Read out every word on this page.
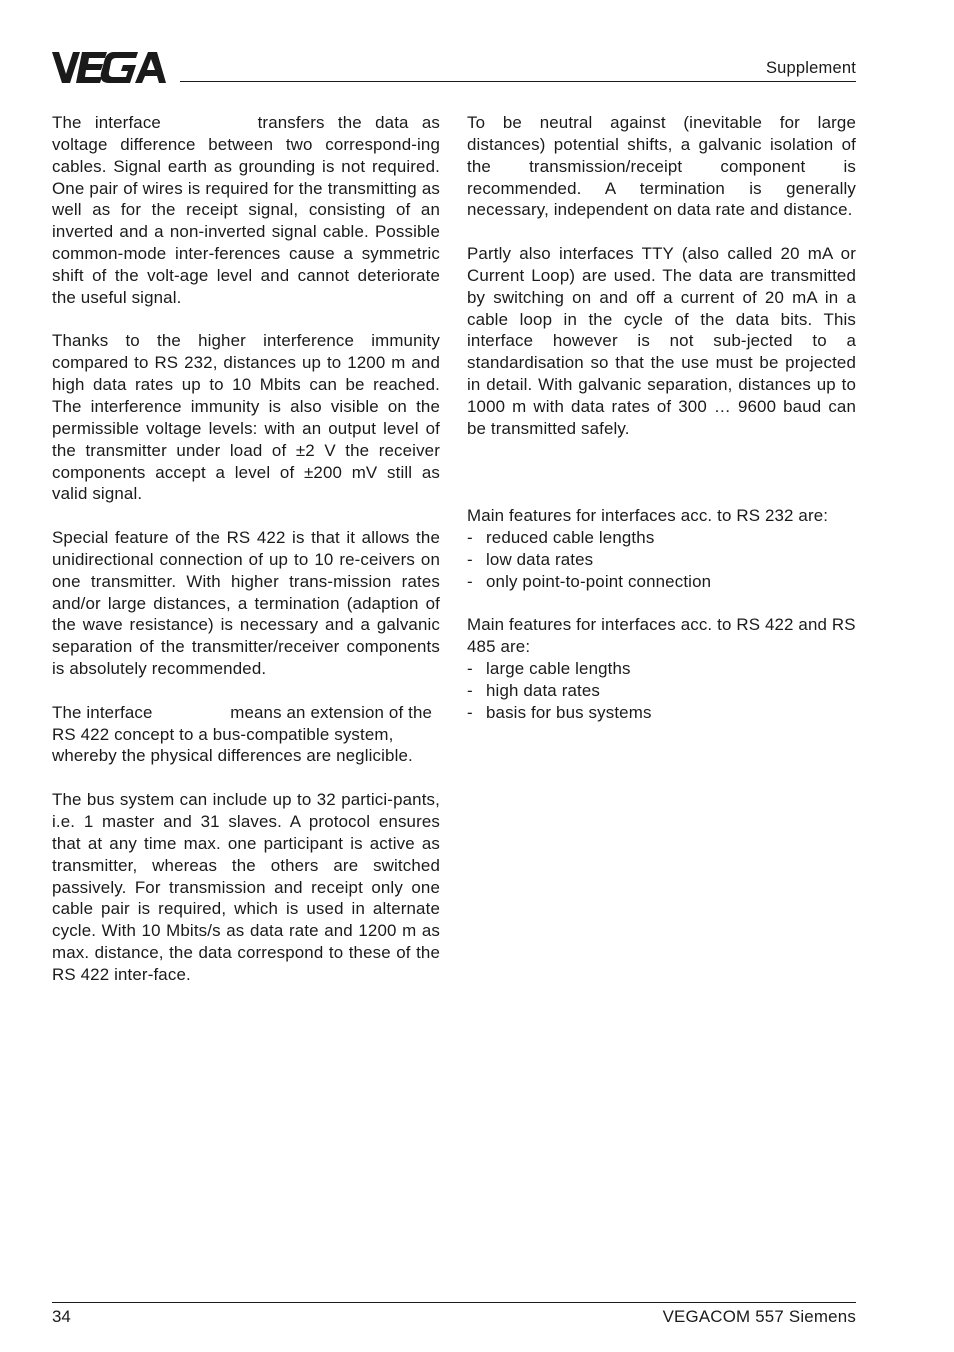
Supplement

The interface	transfers the data as voltage difference between two correspond-ing cables. Signal earth as grounding is not required. One pair of wires is required for the transmitting as well as for the receipt signal, consisting of an inverted and a non-inverted signal cable. Possible common-mode inter-ferences cause a symmetric shift of the volt-age level and cannot deteriorate the useful signal.

Thanks to the higher interference immunity compared to RS 232, distances up to 1200 m and high data rates up to 10 Mbits can be reached. The interference immunity is also visible on the permissible voltage levels: with an output level of the transmitter under load of ±2 V the receiver components accept a level of ±200 mV still as valid signal.

Special feature of the RS 422 is that it allows the unidirectional connection of up to 10 re-ceivers on one transmitter. With higher trans-mission rates and/or large distances, a termination (adaption of the wave resistance) is necessary and a galvanic separation of the transmitter/receiver components is absolutely recommended.

The interface	means an extension of the RS 422 concept to a bus-compatible system, whereby the physical differences are neglicible.

The bus system can include up to 32 partici-pants, i.e. 1 master and 31 slaves. A protocol ensures that at any time max. one participant is active as transmitter, whereas the others are switched passively. For transmission and receipt only one cable pair is required, which is used in alternate cycle. With 10 Mbits/s as data rate and 1200 m as max. distance, the data correspond to these of the RS 422 inter-face.

To be neutral against (inevitable for large distances) potential shifts, a galvanic isolation of the transmission/receipt component is recommended. A termination is generally necessary, independent on data rate and distance.

Partly also interfaces TTY (also called 20 mA or Current Loop) are used. The data are transmitted by switching on and off a current of 20 mA in a cable loop in the cycle of the data bits. This interface however is not sub-jected to a standardisation so that the use must be projected in detail. With galvanic separation, distances up to 1000 m with data rates of 300 … 9600 baud can be transmitted safely.

Main features for interfaces acc. to RS 232 are:

- reduced cable lengths
- low data rates
- only point-to-point connection

Main features for interfaces acc. to RS 422 and RS 485 are:

- large cable lengths
- high data rates
- basis for bus systems
34	VEGACOM 557 Siemens
